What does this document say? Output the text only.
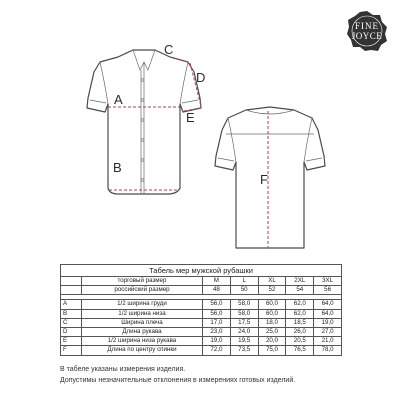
A
B
C
D
E
F
FINE
JOYCE
Табель мер мужской рубашки						
	торговый размер	M	L	XL	2XL	3XL
	российский размер	48	50	52	54	56

A	1/2 ширина груди	56,0	58,0	60,0	62,0	64,0
B	1/2 ширина низа	56,0	58,0	60,0	62,0	64,0
C	Ширина плеча	17,0	17,5	18,0	18,5	19,0
D	Длина рукава	23,0	24,0	25,0	26,0	27,0
E	1/2 ширина низа рукава	19,0	19,5	20,0	20,5	21,0
F	Длина по центру спинки	72,0	73,5	75,0	76,5	78,0
В табеле указаны измерения изделия.
Допустимы незначительные отклонения в измерениях готовых изделий.
